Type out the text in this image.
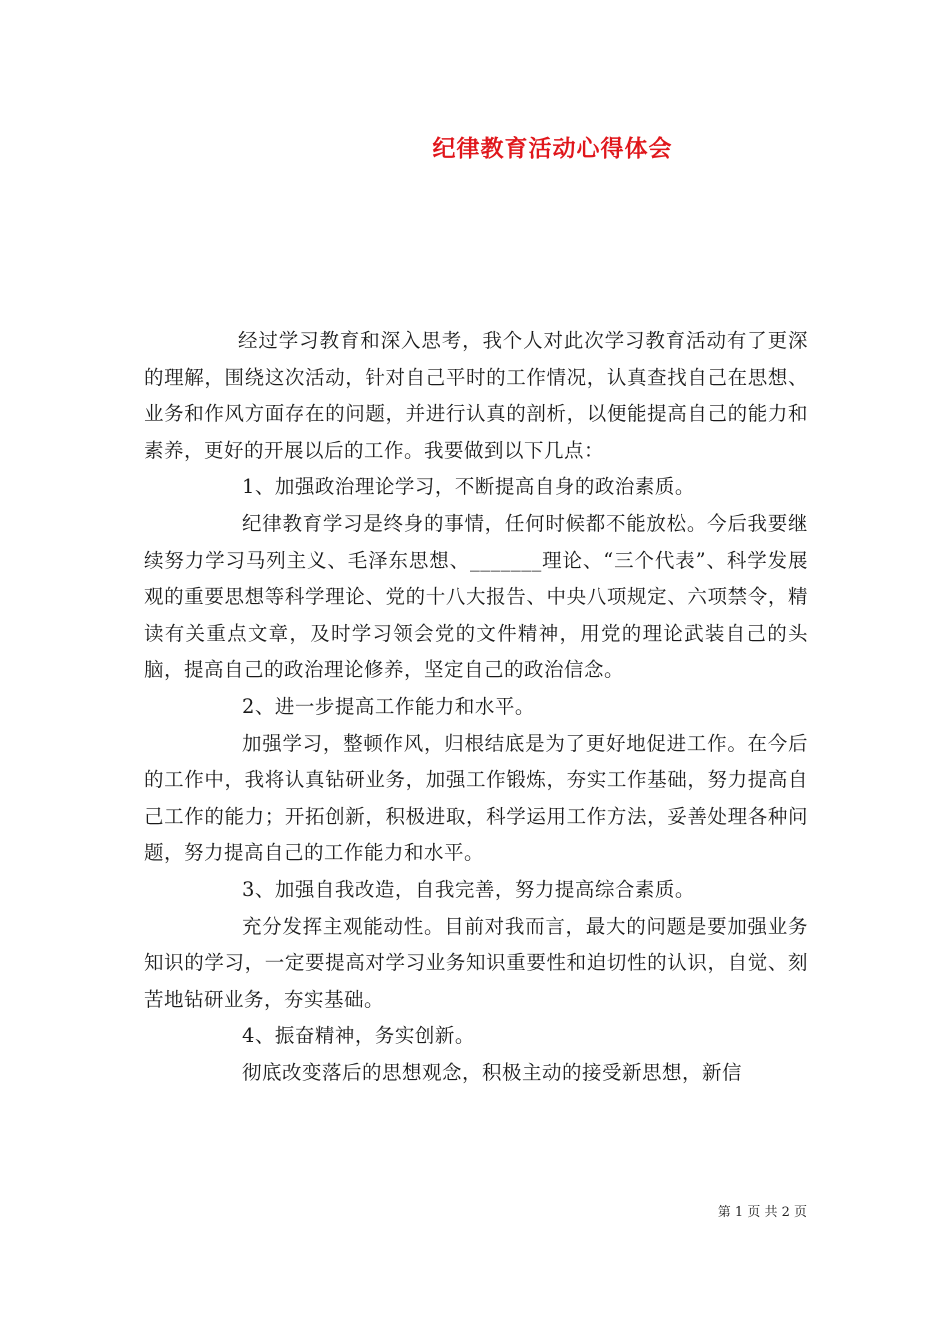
纪律教育活动心得体会

经过学习教育和深入思考，我个人对此次学习教育活动有了更深的理解，围绕这次活动，针对自己平时的工作情况，认真查找自己在思想、业务和作风方面存在的问题，并进行认真的剖析，以便能提高自己的能力和素养，更好的开展以后的工作。我要做到以下几点：

1、加强政治理论学习，不断提高自身的政治素质。

纪律教育学习是终身的事情，任何时候都不能放松。今后我要继续努力学习马列主义、毛泽东思想、_______理论、“三个代表”、科学发展观的重要思想等科学理论、党的十八大报告、中央八项规定、六项禁令，精读有关重点文章，及时学习领会党的文件精神，用党的理论武装自己的头脑，提高自己的政治理论修养，坚定自己的政治信念。

2、进一步提高工作能力和水平。

加强学习，整顿作风，归根结底是为了更好地促进工作。在今后的工作中，我将认真钻研业务，加强工作锻炼，夯实工作基础，努力提高自己工作的能力；开拓创新，积极进取，科学运用工作方法，妥善处理各种问题，努力提高自己的工作能力和水平。

3、加强自我改造，自我完善，努力提高综合素质。

充分发挥主观能动性。目前对我而言，最大的问题是要加强业务知识的学习，一定要提高对学习业务知识重要性和迫切性的认识，自觉、刻苦地钻研业务，夯实基础。

4、振奋精神，务实创新。

彻底改变落后的思想观念，积极主动的接受新思想，新信

第 1 页 共 2 页
